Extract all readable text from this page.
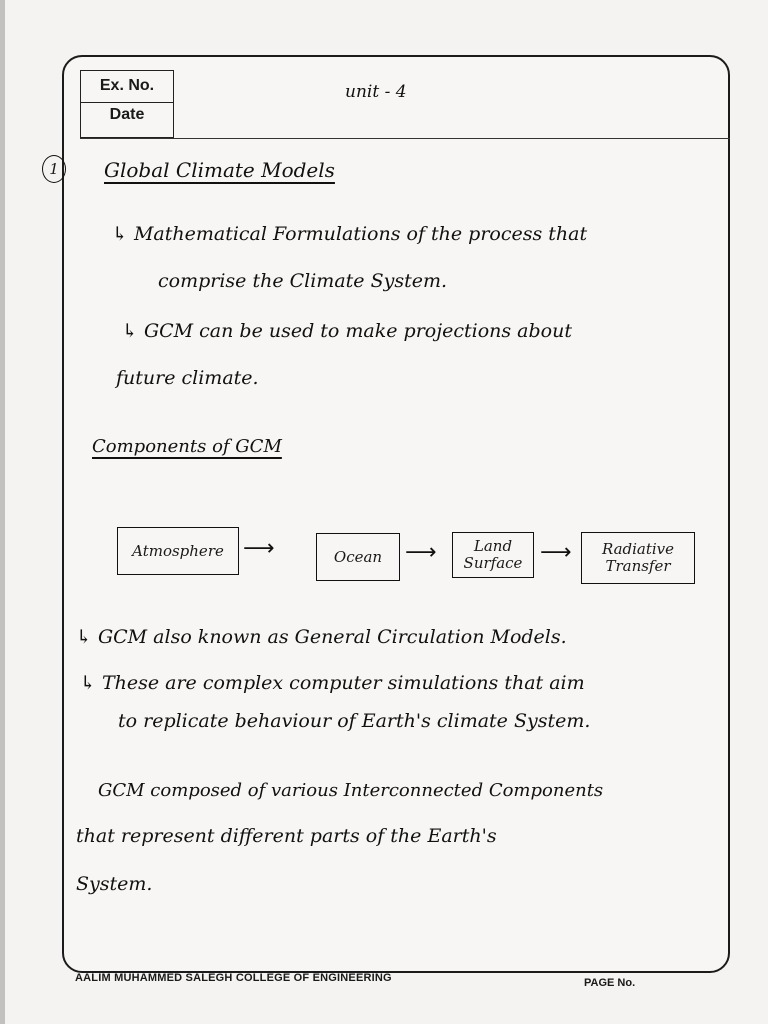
Ex. No.
Date
unit - 4
1	Global Climate Models
↳ Mathematical Formulations of the process that
comprise the Climate System.
↳ GCM can be used to make projections about
future climate.
Components of GCM
Atmosphere ⟶	Ocean	⟶	Land Surface ⟶	Radiative Transfer
↳ GCM also known as General Circulation Models.
↳ These are complex computer simulations that aim
to replicate behaviour of Earth's climate System.
GCM composed of various Interconnected Components
that represent different parts of the Earth's
System.
AALIM MUHAMMED SALEGH COLLEGE OF ENGINEERING	PAGE No.
